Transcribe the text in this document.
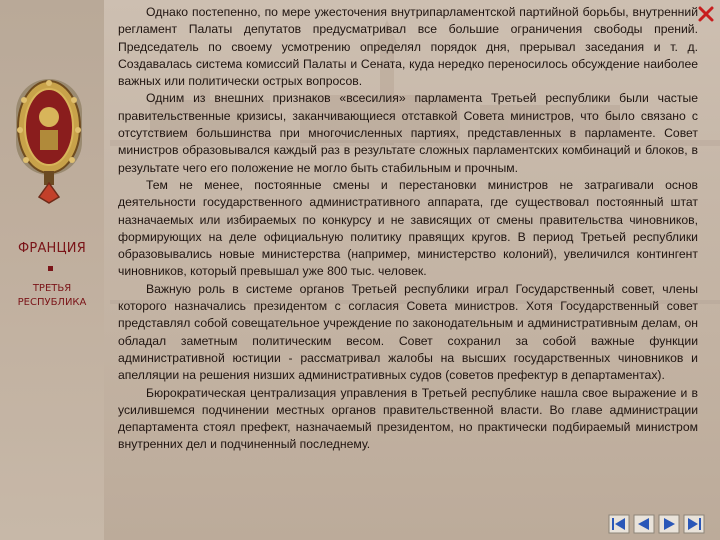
ФРАНЦИЯ
ТРЕТЬЯ РЕСПУБЛИКА

Однако постепенно, по мере ужесточения внутрипарламентской партийной борьбы, внутренний регламент Палаты депутатов предусматривал все большие ограничения свободы прений. Председатель по своему усмотрению определял порядок дня, прерывал заседания и т. д. Создавалась система комиссий Палаты и Сената, куда нередко переносилось обсуждение наиболее важных или политически острых вопросов.

Одним из внешних признаков «всесилия» парламента Третьей республики были частые правительственные кризисы, заканчивающиеся отставкой Совета министров, что было связано с отсутствием большинства при многочисленных партиях, представленных в парламенте. Совет министров образовывался каждый раз в результате сложных парламентских комбинаций и блоков, в результате чего его положение не могло быть стабильным и прочным.

Тем не менее, постоянные смены и перестановки министров не затрагивали основ деятельности государственного административного аппарата, где существовал постоянный штат назначаемых или избираемых по конкурсу и не зависящих от смены правительства чиновников, формирующих на деле официальную политику правящих кругов. В период Третьей республики образовывались новые министерства (например, министерство колоний), увеличился контингент чиновников, который превышал уже 800 тыс. человек.

Важную роль в системе органов Третьей республики играл Государственный совет, члены которого назначались президентом с согласия Совета министров. Хотя Государственный совет представлял собой совещательное учреждение по законодательным и административным делам, он обладал заметным политическим весом. Совет сохранил за собой важные функции административной юстиции - рассматривал жалобы на высших государственных чиновников и апелляции на решения низших административных судов (советов префектур в департаментах).

Бюрократическая централизация управления в Третьей республике нашла свое выражение и в усилившемся подчинении местных органов правительственной власти. Во главе администрации департамента стоял префект, назначаемый президентом, но практически подбираемый министром внутренних дел и подчиненный последнему.
